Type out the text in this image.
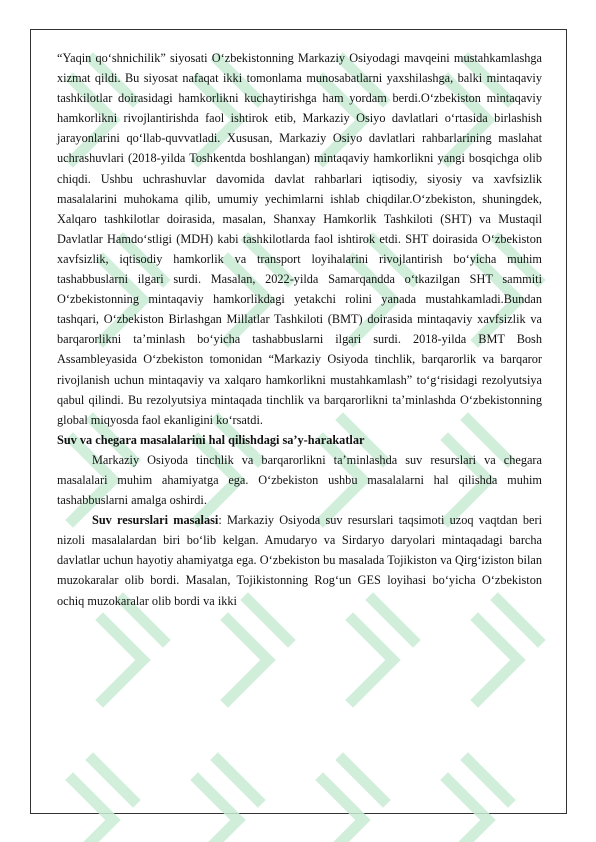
“Yaqin qo‘shnichilik” siyosati O‘zbekistonning Markaziy Osiyodagi mavqeini mustahkamlashga xizmat qildi. Bu siyosat nafaqat ikki tomonlama munosabatlarni yaxshilashga, balki mintaqaviy tashkilotlar doirasidagi hamkorlikni kuchaytirishga ham yordam berdi.O‘zbekiston mintaqaviy hamkorlikni rivojlantirishda faol ishtirok etib, Markaziy Osiyo davlatlari o‘rtasida birlashish jarayonlarini qo‘llab-quvvatladi. Xususan, Markaziy Osiyo davlatlari rahbarlarining maslahat uchrashuvlari (2018-yilda Toshkentda boshlangan) mintaqaviy hamkorlikni yangi bosqichga olib chiqdi. Ushbu uchrashuvlar davomida davlat rahbarlari iqtisodiy, siyosiy va xavfsizlik masalalarini muhokama qilib, umumiy yechimlarni ishlab chiqdilar.O‘zbekiston, shuningdek, Xalqaro tashkilotlar doirasida, masalan, Shanxay Hamkorlik Tashkiloti (SHT) va Mustaqil Davlatlar Hamdo‘stligi (MDH) kabi tashkilotlarda faol ishtirok etdi. SHT doirasida O‘zbekiston xavfsizlik, iqtisodiy hamkorlik va transport loyihalarini rivojlantirish bo‘yicha muhim tashabbuslarni ilgari surdi. Masalan, 2022-yilda Samarqandda o‘tkazilgan SHT sammiti O‘zbekistonning mintaqaviy hamkorlikdagi yetakchi rolini yanada mustahkamladi.Bundan tashqari, O‘zbekiston Birlashgan Millatlar Tashkiloti (BMT) doirasida mintaqaviy xavfsizlik va barqarorlikni ta’minlash bo‘yicha tashabbuslarni ilgari surdi. 2018-yilda BMT Bosh Assambleyasida O‘zbekiston tomonidan “Markaziy Osiyoda tinchlik, barqarorlik va barqaror rivojlanish uchun mintaqaviy va xalqaro hamkorlikni mustahkamlash” to‘g‘risidagi rezolyutsiya qabul qilindi. Bu rezolyutsiya mintaqada tinchlik va barqarorlikni ta’minlashda O‘zbekistonning global miqyosda faol ekanligini ko‘rsatdi.

Suv va chegara masalalarini hal qilishdagi sa’y-harakatlar

Markaziy Osiyoda tinchlik va barqarorlikni ta’minlashda suv resurslari va chegara masalalari muhim ahamiyatga ega. O‘zbekiston ushbu masalalarni hal qilishda muhim tashabbuslarni amalga oshirdi.

Suv resurslari masalasi: Markaziy Osiyoda suv resurslari taqsimoti uzoq vaqtdan beri nizoli masalalardan biri bo‘lib kelgan. Amudaryo va Sirdaryo daryolari mintaqadagi barcha davlatlar uchun hayotiy ahamiyatga ega. O‘zbekiston bu masalada Tojikiston va Qirg‘iziston bilan muzokaralar olib bordi. Masalan, Tojikistonning Rog‘un GES loyihasi bo‘yicha O‘zbekiston ochiq muzokaralar olib bordi va ikki
